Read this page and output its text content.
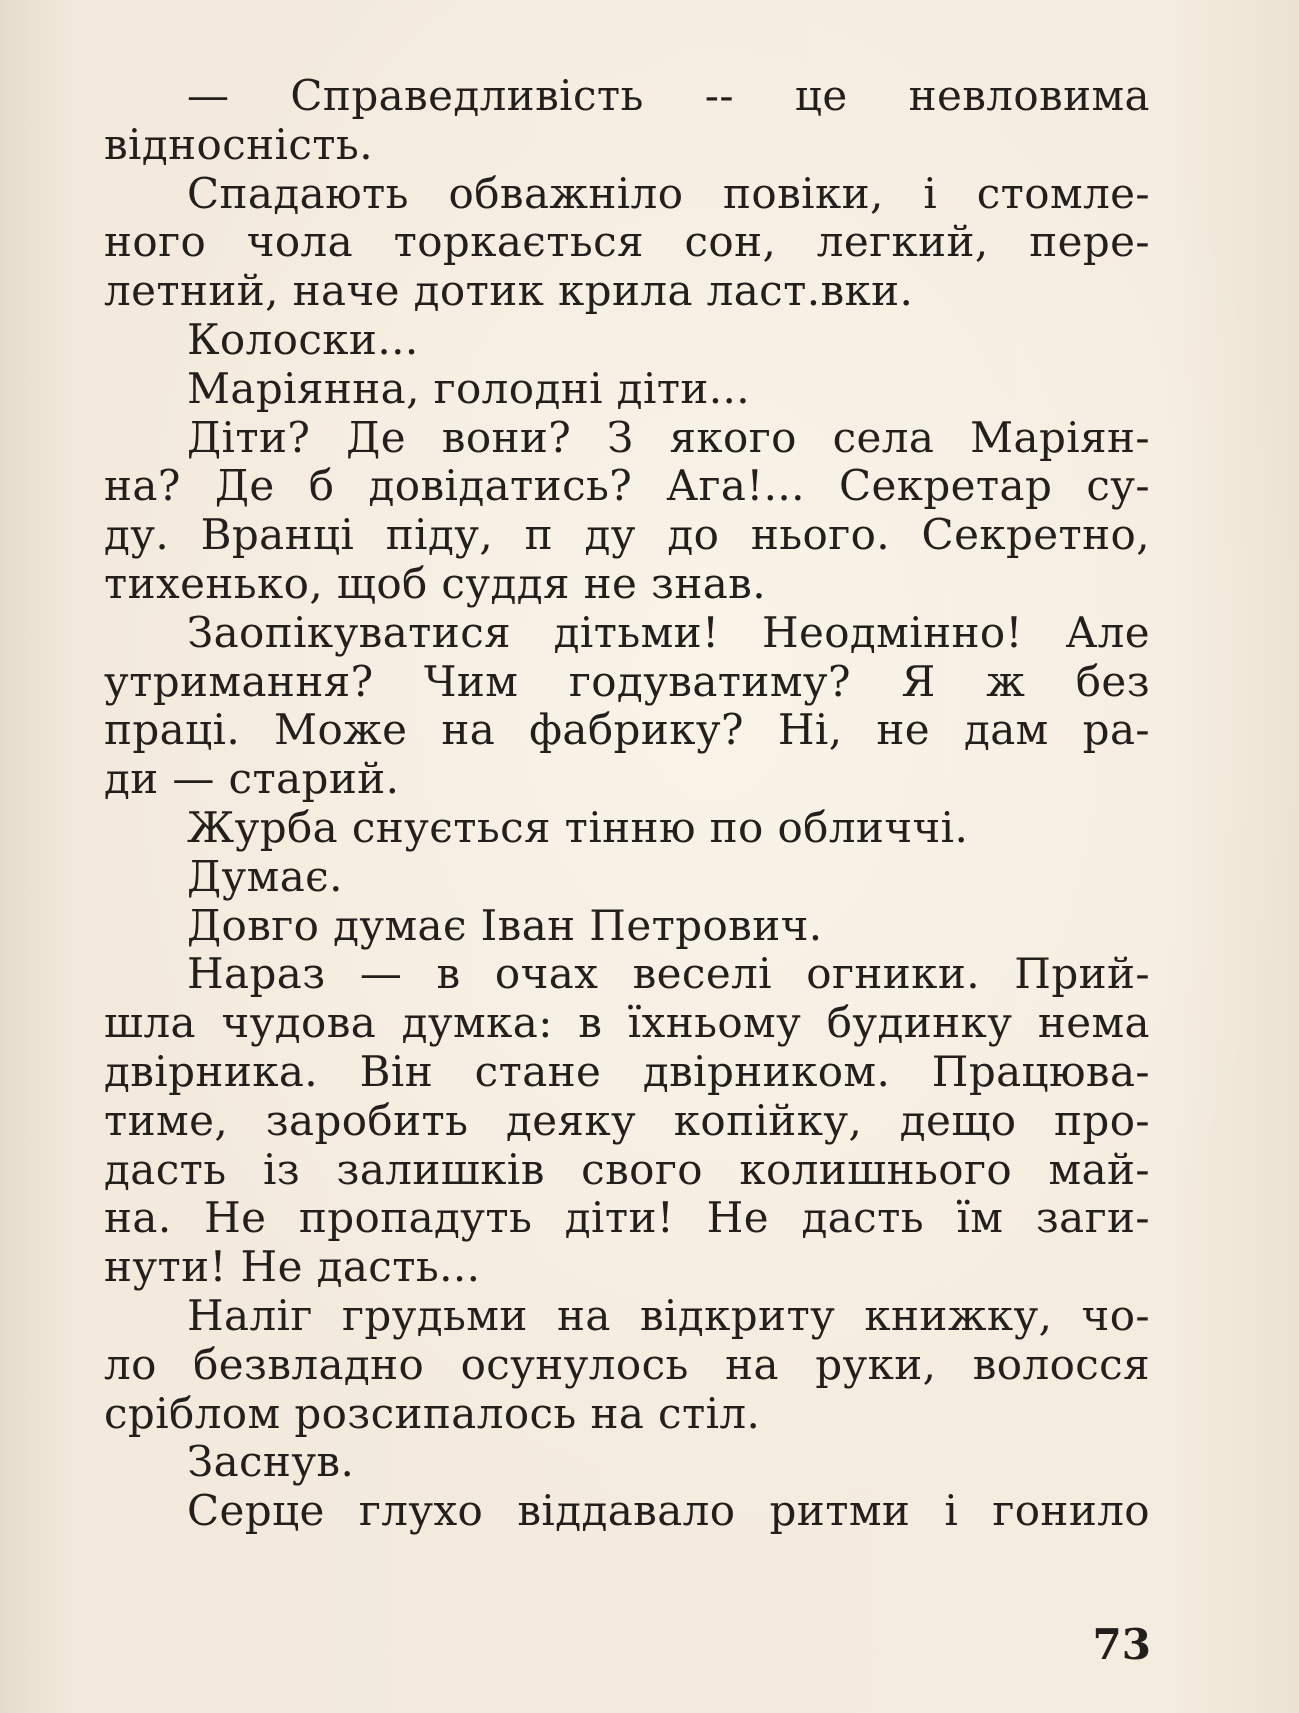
— Справедливість -- це невловима
відносність.
Спадають обважніло повіки, і стомле-
ного чола торкається сон, легкий, пере-
летний, наче дотик крила ласт.вки.
Колоски...
Маріянна, голодні діти...
Діти? Де вони? З якого села Маріян-
на? Де б довідатись? Ага!... Секретар су-
ду. Вранці піду, п ду до нього. Секретно,
тихенько, щоб суддя не знав.
Заопікуватися дітьми! Неодмінно! Але
утримання? Чим годуватиму? Я ж без
праці. Може на фабрику? Ні, не дам ра-
ди — старий.
Журба снується тінню по обличчі.
Думає.
Довго думає Іван Петрович.
Нараз — в очах веселі огники. Прий-
шла чудова думка: в їхньому будинку нема
двірника. Він стане двірником. Працюва-
тиме, заробить деяку копійку, дещо про-
дасть із залишків свого колишнього май-
на. Не пропадуть діти! Не дасть їм заги-
нути! Не дасть...
Наліг грудьми на відкриту книжку, чо-
ло безвладно осунулось на руки, волосся
сріблом розсипалось на стіл.
Заснув.
Серце глухо віддавало ритми і гонило
73
